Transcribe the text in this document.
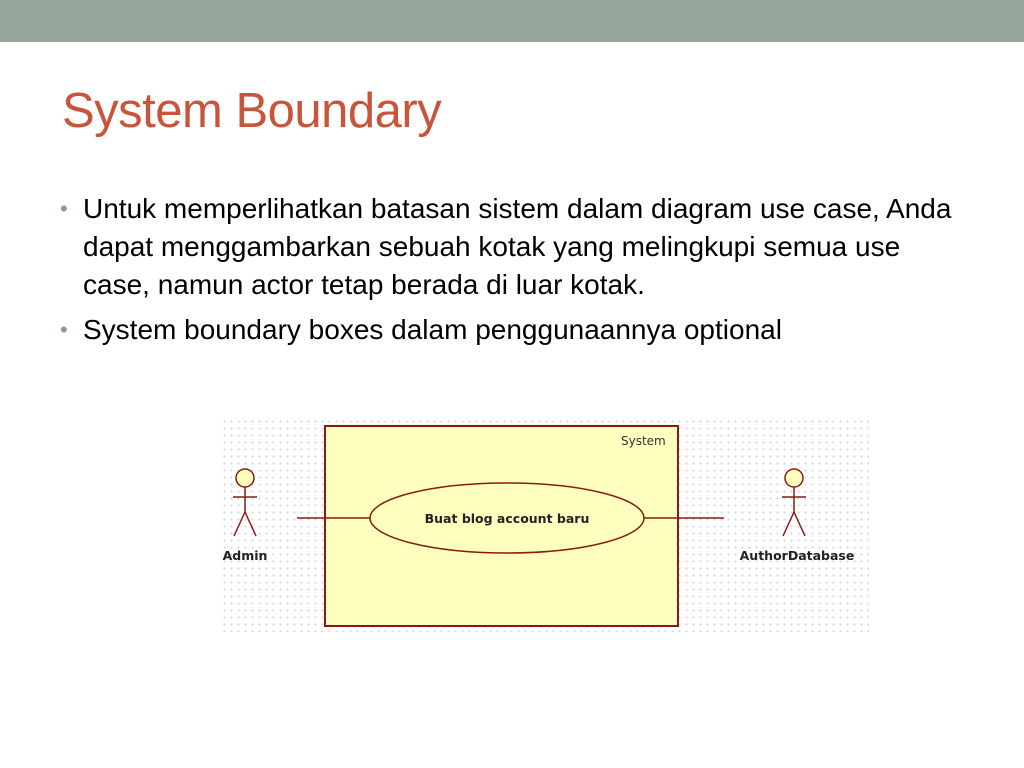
System Boundary
• Untuk memperlihatkan batasan sistem dalam diagram use case, Anda dapat menggambarkan sebuah kotak yang melingkupi semua use case, namun actor tetap berada di luar kotak.
• System boundary boxes dalam penggunaannya optional
System
Buat blog account baru
Admin	AuthorDatabase
